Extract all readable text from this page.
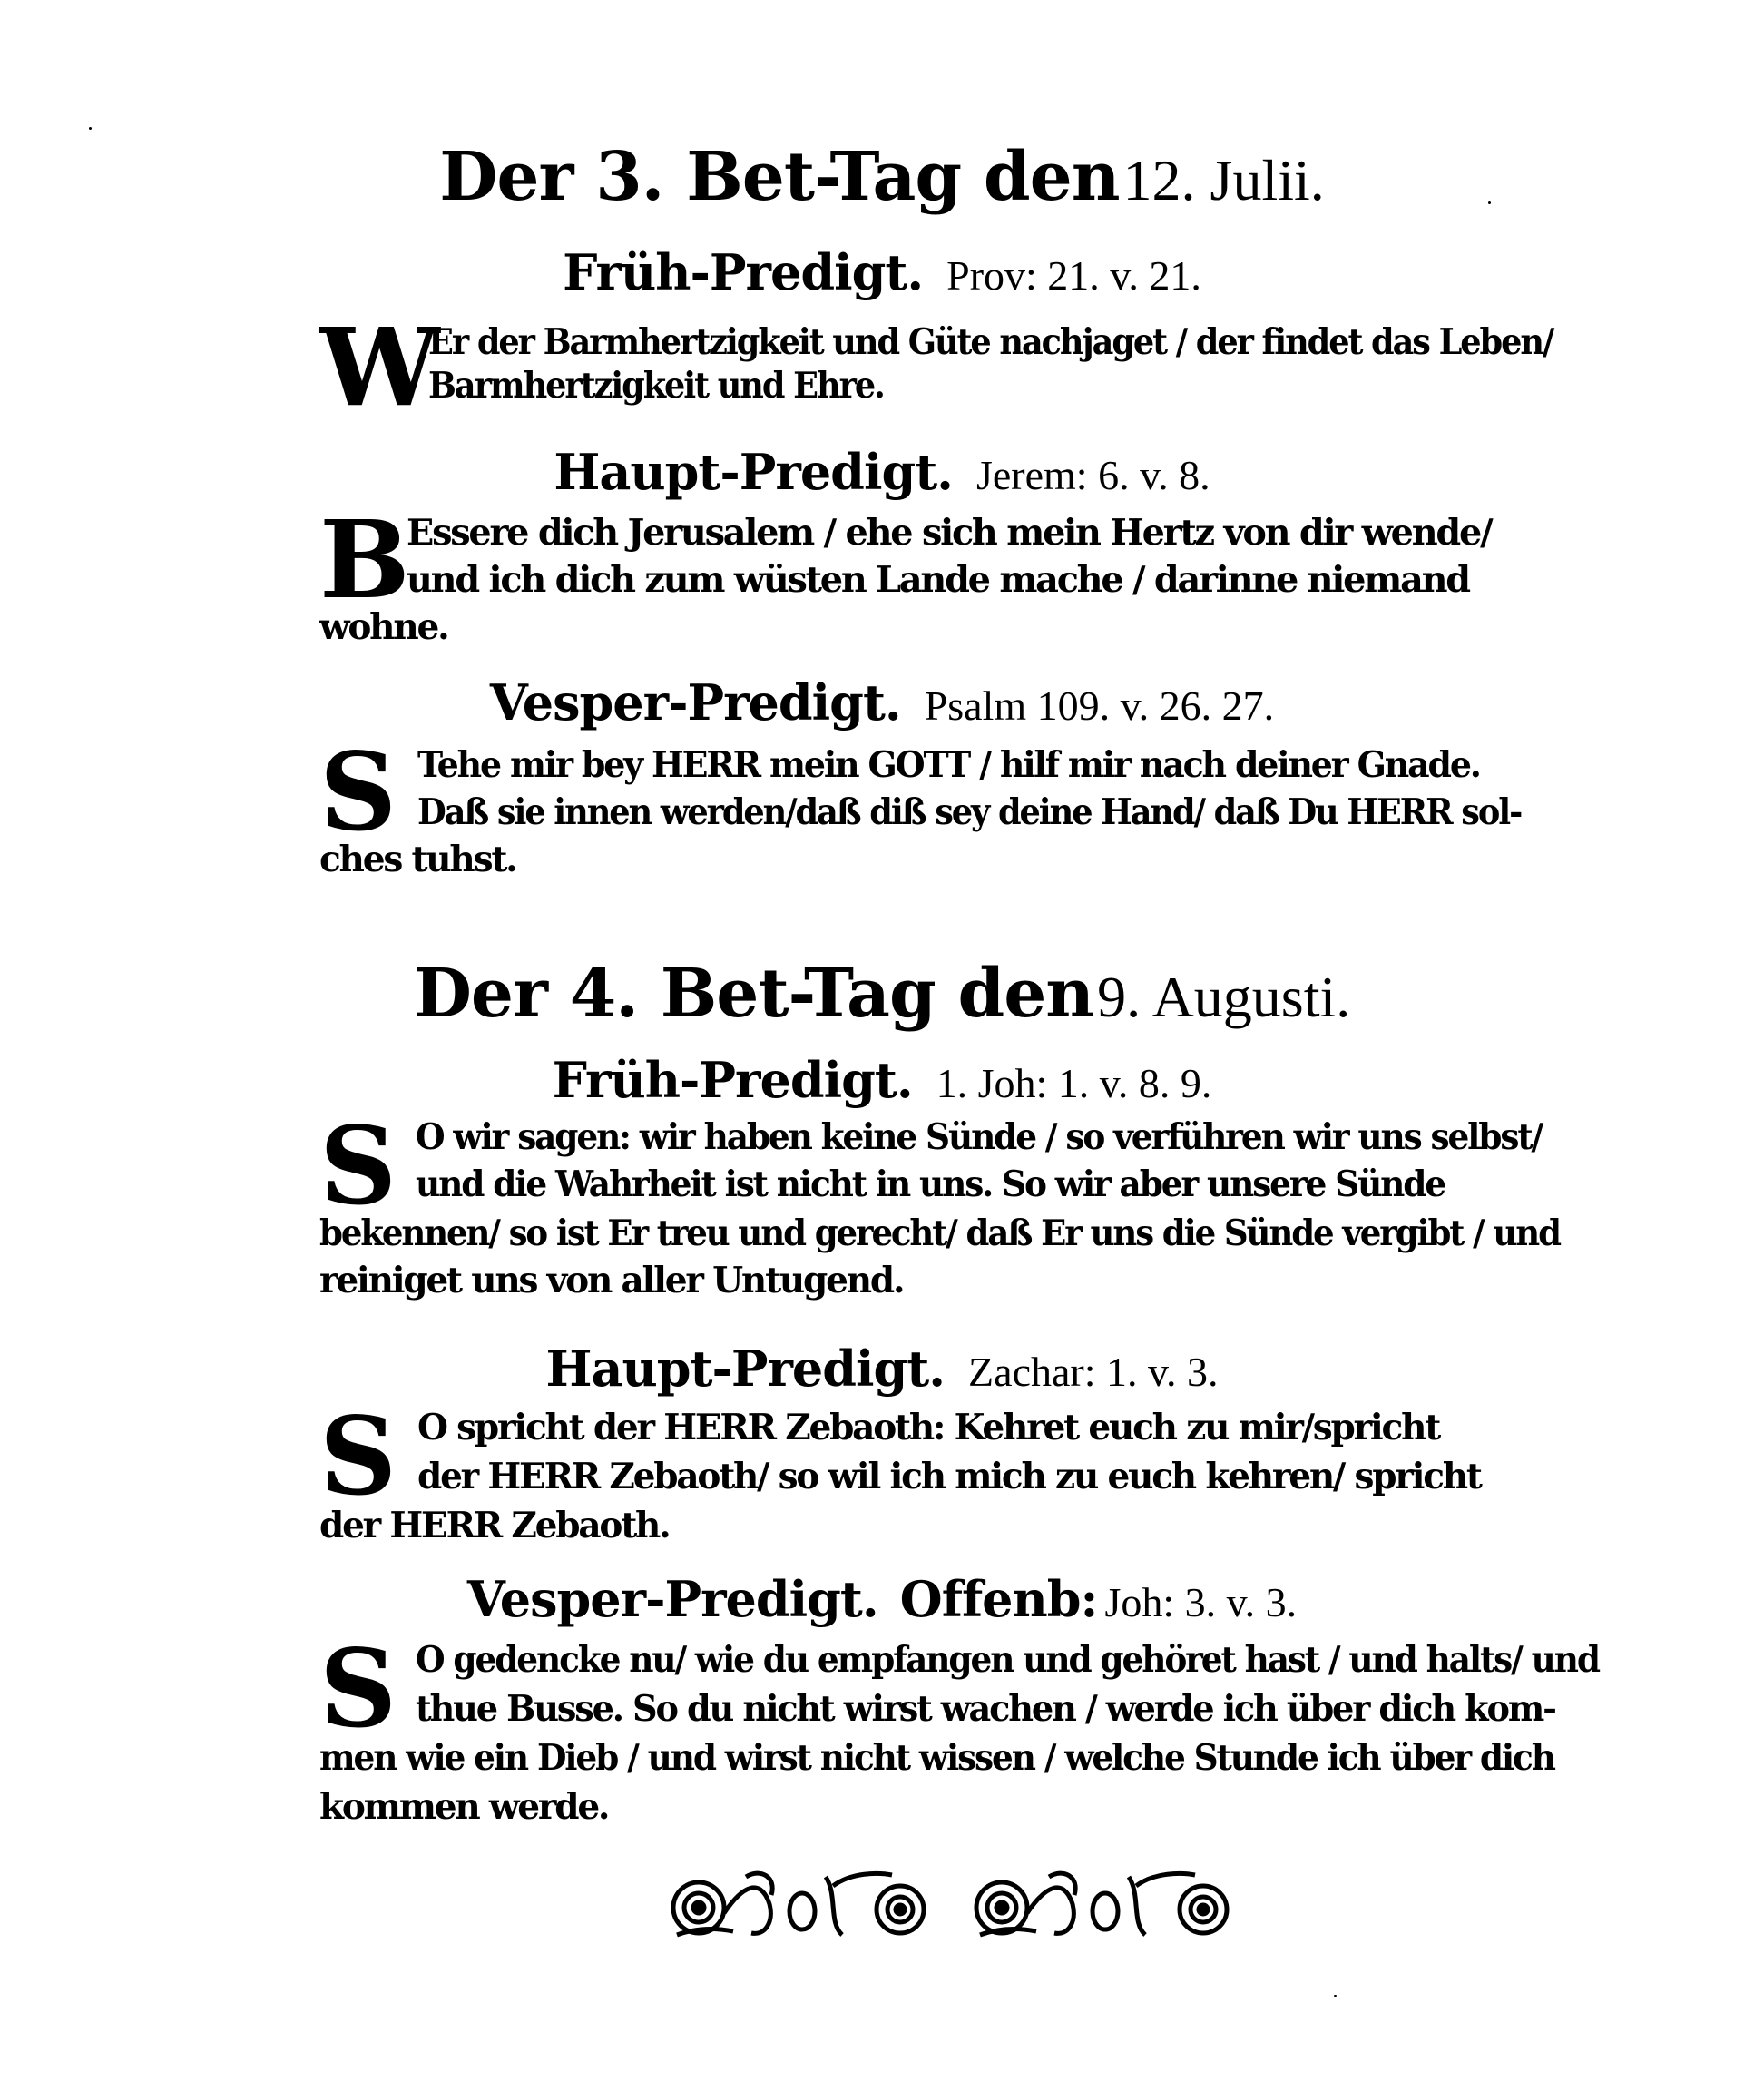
Der 3. Bet-Tag den 12. Julii.
Früh-Predigt. Prov: 21. v. 21.
W
Er der Barmhertzigkeit und Güte nachjaget / der findet das Leben/
Barmhertzigkeit und Ehre.
Haupt-Predigt. Jerem: 6. v. 8.
B
Essere dich Jerusalem / ehe sich mein Hertz von dir wende/
und ich dich zum wüsten Lande mache / darinne niemand
wohne.
Vesper-Predigt. Psalm 109. v. 26. 27.
S Tehe mir bey HERR mein GOTT / hilf mir nach deiner Gnade.
Daß sie innen werden/daß diß sey deine Hand/ daß Du HERR sol-
ches tuhst.
Der 4. Bet-Tag den 9. Augusti.
Früh-Predigt. 1. Joh: 1. v. 8. 9.
S O wir sagen: wir haben keine Sünde / so verführen wir uns selbst/
und die Wahrheit ist nicht in uns. So wir aber unsere Sünde
bekennen/ so ist Er treu und gerecht/ daß Er uns die Sünde vergibt / und
reiniget uns von aller Untugend.
Haupt-Predigt. Zachar: 1. v. 3.
S O spricht der HERR Zebaoth: Kehret euch zu mir/spricht
der HERR Zebaoth/ so wil ich mich zu euch kehren/ spricht
der HERR Zebaoth.
Vesper-Predigt. Offenb: Joh: 3. v. 3.
S O gedencke nu/ wie du empfangen und gehöret hast / und halts/ und
thue Busse. So du nicht wirst wachen / werde ich über dich kom-
men wie ein Dieb / und wirst nicht wissen / welche Stunde ich über dich
kommen werde.
